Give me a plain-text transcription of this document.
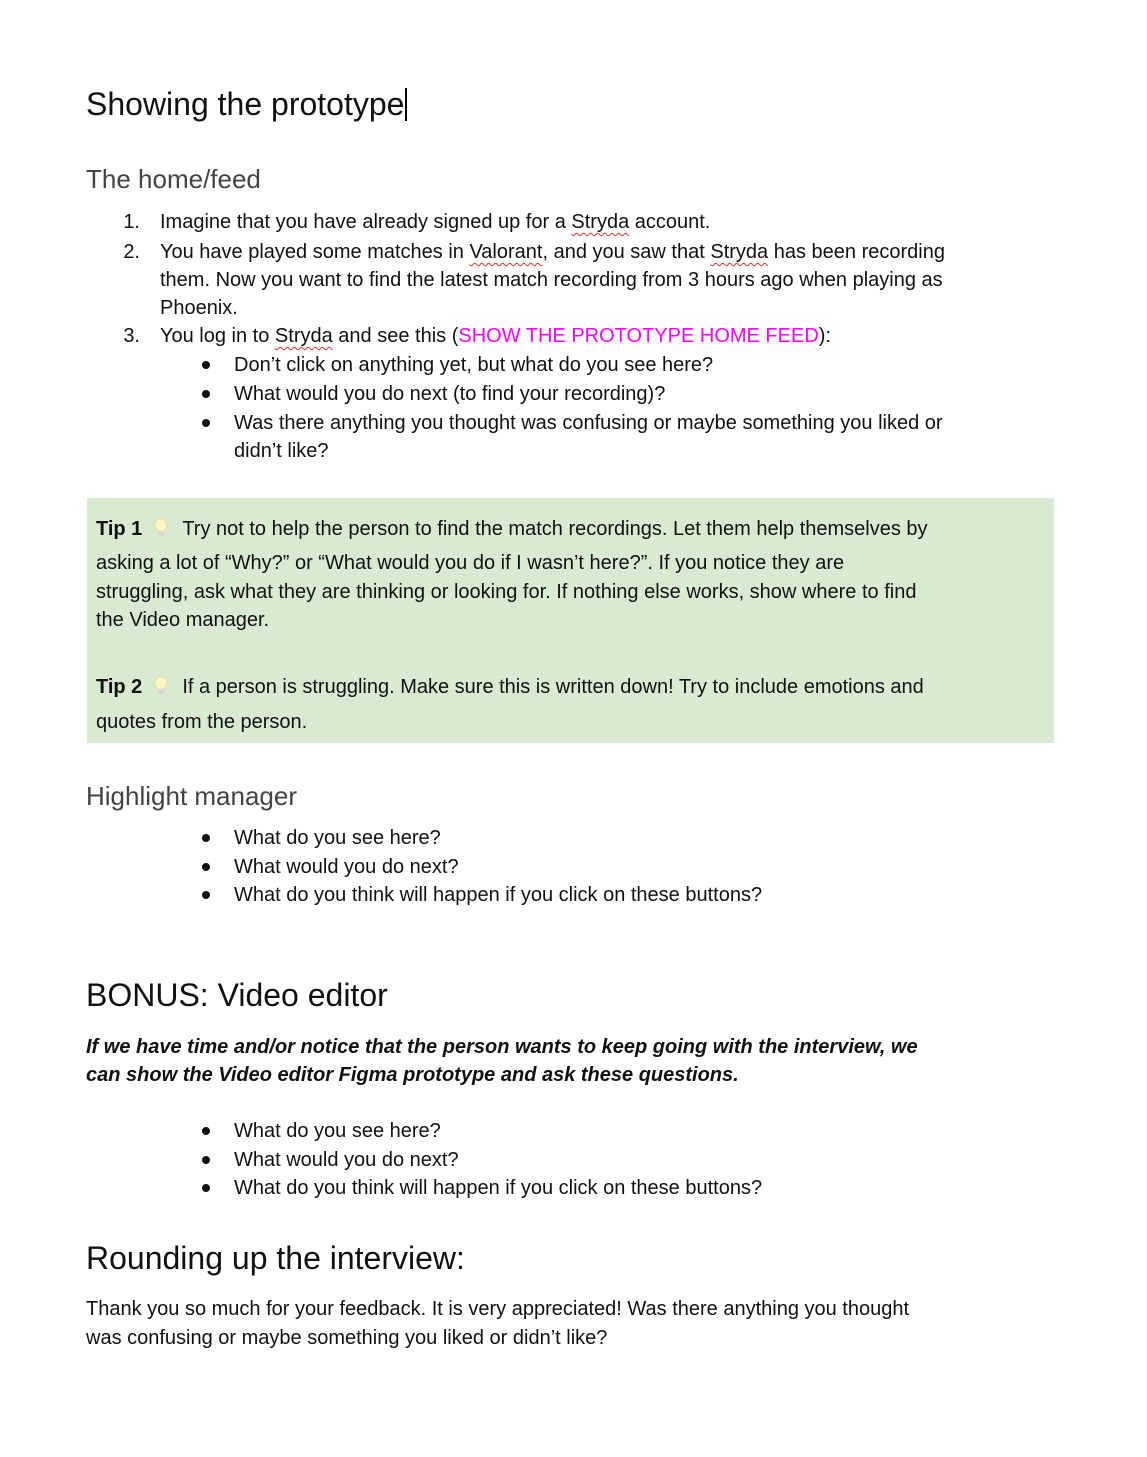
Showing the prototype
The home/feed
1. Imagine that you have already signed up for a Stryda account.
2. You have played some matches in Valorant, and you saw that Stryda has been recording
them. Now you want to find the latest match recording from 3 hours ago when playing as
Phoenix.
3. You log in to Stryda and see this (SHOW THE PROTOTYPE HOME FEED):
Don’t click on anything yet, but what do you see here?
What would you do next (to find your recording)?
Was there anything you thought was confusing or maybe something you liked or
didn’t like?
Tip 1 Try not to help the person to find the match recordings. Let them help themselves by
asking a lot of “Why?” or “What would you do if I wasn’t here?”. If you notice they are
struggling, ask what they are thinking or looking for. If nothing else works, show where to find
the Video manager.
Tip 2 If a person is struggling. Make sure this is written down! Try to include emotions and
quotes from the person.
Highlight manager
What do you see here?
What would you do next?
What do you think will happen if you click on these buttons?
BONUS: Video editor
If we have time and/or notice that the person wants to keep going with the interview, we
can show the Video editor Figma prototype and ask these questions.
What do you see here?
What would you do next?
What do you think will happen if you click on these buttons?
Rounding up the interview:
Thank you so much for your feedback. It is very appreciated! Was there anything you thought
was confusing or maybe something you liked or didn’t like?
